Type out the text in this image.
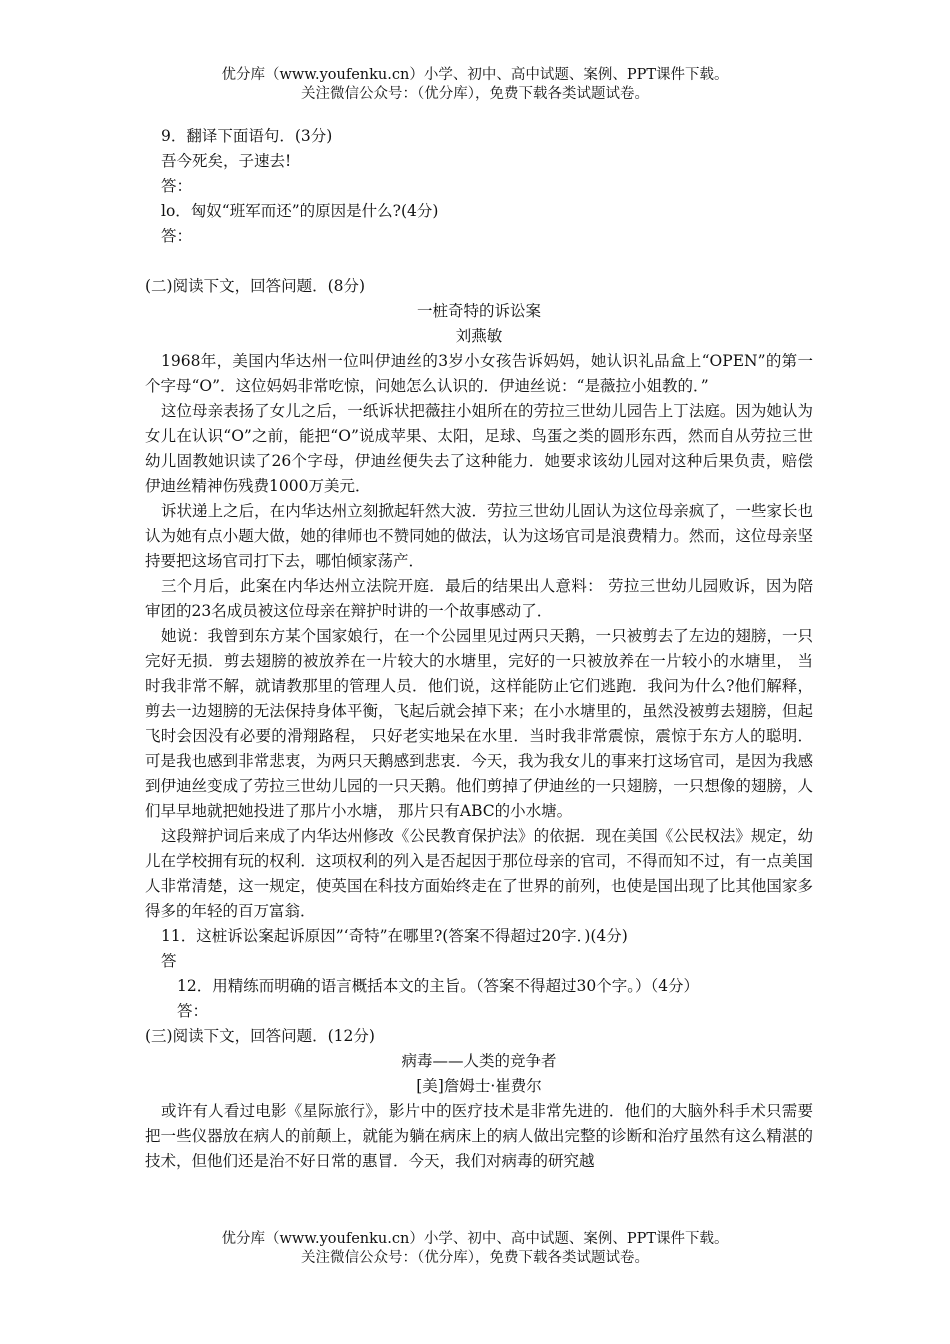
优分库（www.youfenku.cn）小学、初中、高中试题、案例、PPT课件下载。
关注微信公众号：（优分库），免费下载各类试题试卷。

9．翻译下面语句．(3分)

吾今死矣，子速去!

答：

lo．匈奴“班军而还”的原因是什么?(4分)

答：

(二)阅读下文，回答问题．(8分)

一桩奇特的诉讼案

刘燕敏

1968年，美国内华达州一位叫伊迪丝的3岁小女孩告诉妈妈，她认识礼品盒上“OPEN”的第一个字母“O”．这位妈妈非常吃惊，问她怎么认识的．伊迪丝说：“是薇拉小姐教的．”

这位母亲表扬了女儿之后，一纸诉状把薇拄小姐所在的劳拉三世幼儿园告上丁法庭。因为她认为女儿在认识“O”之前，能把“O”说成苹果、太阳，足球、鸟蛋之类的圆形东西，然而自从劳拉三世幼儿固教她识读了26个字母，伊迪丝便失去了这种能力．她要求该幼儿园对这种后果负责，赔偿伊迪丝精神伤残费1000万美元．

诉状递上之后，在内华达州立刻掀起轩然大波．劳拉三世幼儿固认为这位母亲疯了，一些家长也认为她有点小题大做，她的律师也不赞同她的做法，认为这场官司是浪费精力。然而，这位母亲坚持要把这场官司打下去，哪怕倾家荡产．

三个月后，此案在内华达州立法院开庭．最后的结果出人意料： 劳拉三世幼儿园败诉，因为陪审团的23名成员被这位母亲在辩护时讲的一个故事感动了．

她说：我曾到东方某个国家娘行，在一个公园里见过两只天鹅，一只被剪去了左边的翅膀，一只完好无损．剪去翅膀的被放养在一片较大的水塘里，完好的一只被放养在一片较小的水塘里， 当时我非常不解，就请教那里的管理人员．他们说，这样能防止它们逃跑．我问为什么?他们解释，剪去一边翅膀的无法保持身体平衡，飞起后就会掉下来；在小水塘里的，虽然没被剪去翅膀，但起飞时会因没有必要的滑翔路程， 只好老实地呆在水里．当时我非常震惊，震惊于东方人的聪明．可是我也感到非常悲衷，为两只天鹅感到悲衷．今天，我为我女儿的事来打这场官司，是因为我感到伊迪丝变成了劳拉三世幼儿园的一只天鹅。他们剪掉了伊迪丝的一只翅膀，一只想像的翅膀，人们早早地就把她投进了那片小水塘， 那片只有ABC的小水塘。

这段辩护词后来成了内华达州修改《公民教育保护法》的依据．现在美国《公民权法》规定，幼儿在学校拥有玩的权利．这项权利的列入是否起因于那位母亲的官司，不得而知不过，有一点美国人非常清楚，这一规定，使英国在科技方面始终走在了世界的前列，也使是国出现了比其他国家多得多的年轻的百万富翁．

11．这桩诉讼案起诉原因”‘奇特”在哪里?(答案不得超过20字．)(4分)

答

12．用精练而明确的语言概括本文的主旨。（答案不得超过30个字。）（4分）

答：

(三)阅读下文，回答问题．(12分)

病毒——人类的竞争者

[美]詹姆士·崔费尔

或许有人看过电影《星际旅行》，影片中的医疗技术是非常先进的．他们的大脑外科手术只需要把一些仪器放在病人的前颠上，就能为躺在病床上的病人做出完整的诊断和治疗虽然有这么精湛的技术，但他们还是治不好日常的惠冒．今天，我们对病毒的研究越

优分库（www.youfenku.cn）小学、初中、高中试题、案例、PPT课件下载。
关注微信公众号：（优分库），免费下载各类试题试卷。
